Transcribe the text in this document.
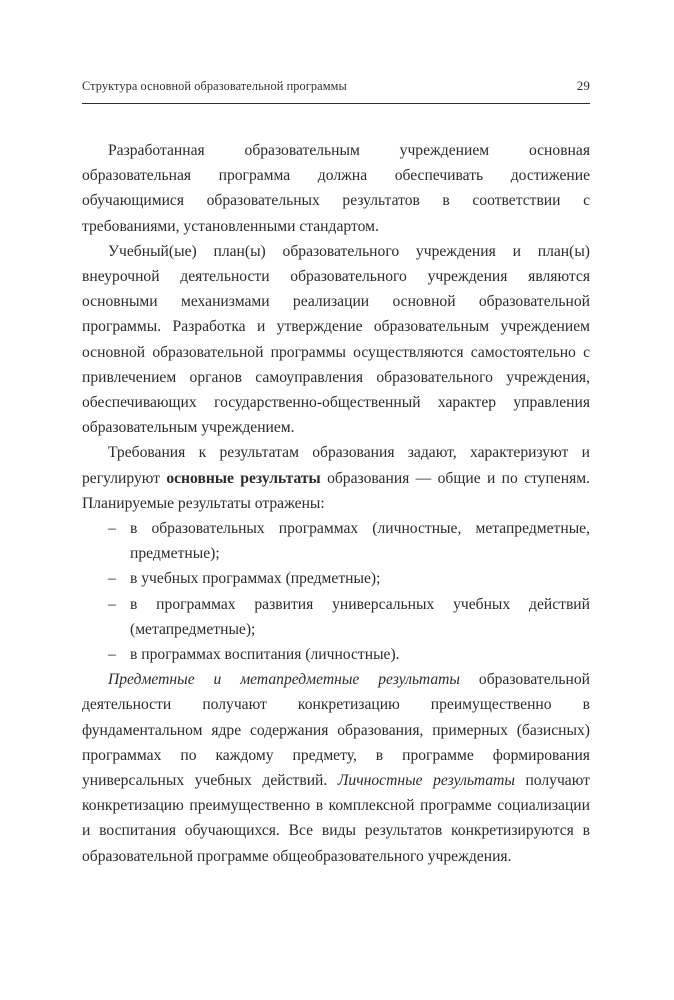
Структура основной образовательной программы	29

Разработанная образовательным учреждением основная образовательная программа должна обеспечивать достижение обучающимися образовательных результатов в соответствии с требованиями, установленными стандартом.

Учебный(ые) план(ы) образовательного учреждения и план(ы) внеурочной деятельности образовательного учреждения являются основными механизмами реализации основной образовательной программы. Разработка и утверждение образовательным учреждением основной образовательной программы осуществляются самостоятельно с привлечением органов самоуправления образовательного учреждения, обеспечивающих государственно-общественный характер управления образовательным учреждением.

Требования к результатам образования задают, характеризуют и регулируют основные результаты образования — общие и по ступеням. Планируемые результаты отражены:

– в образовательных программах (личностные, метапредметные, предметные);
– в учебных программах (предметные);
– в программах развития универсальных учебных действий (метапредметные);
– в программах воспитания (личностные).

Предметные и метапредметные результаты образовательной деятельности получают конкретизацию преимущественно в фундаментальном ядре содержания образования, примерных (базисных) программах по каждому предмету, в программе формирования универсальных учебных действий. Личностные результаты получают конкретизацию преимущественно в комплексной программе социализации и воспитания обучающихся. Все виды результатов конкретизируются в образовательной программе общеобразовательного учреждения.
